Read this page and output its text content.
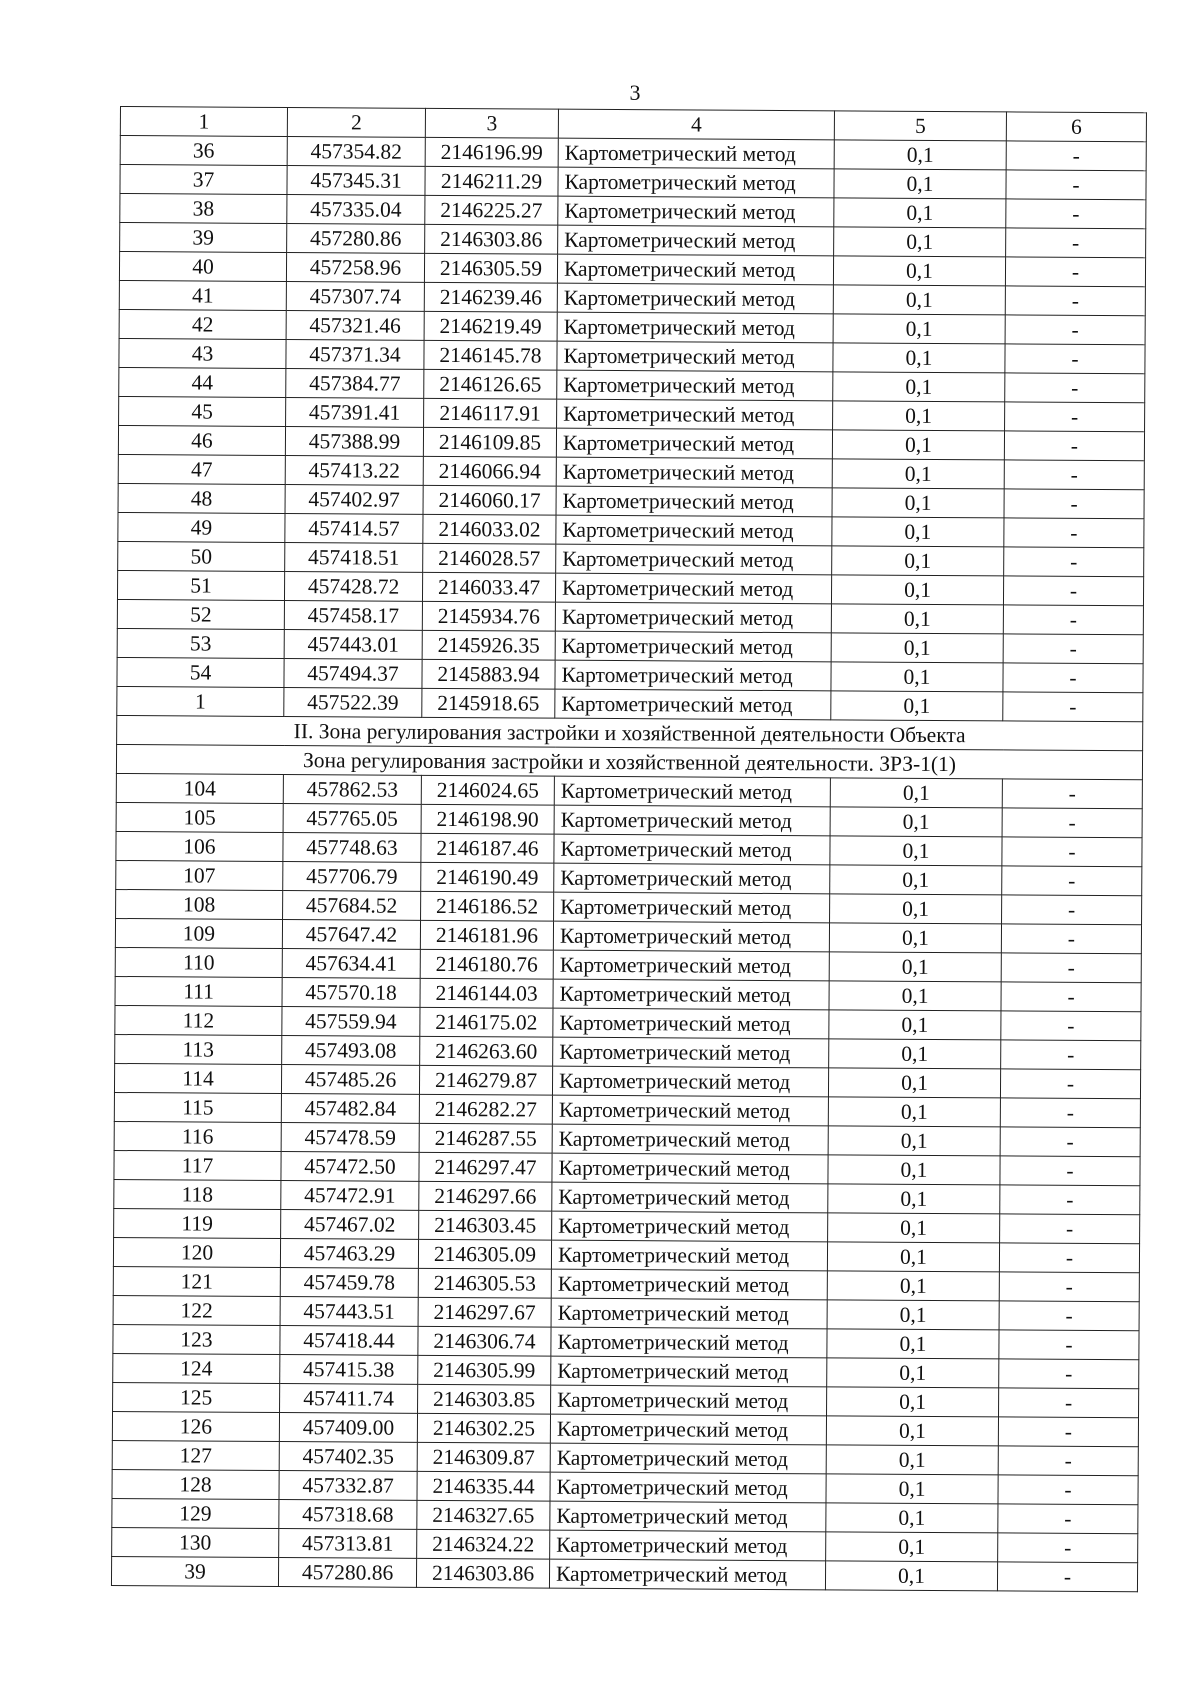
3
1	2	3	4	5	6
36	457354.82	2146196.99	Картометрический метод	0,1	-
37	457345.31	2146211.29	Картометрический метод	0,1	-
38	457335.04	2146225.27	Картометрический метод	0,1	-
39	457280.86	2146303.86	Картометрический метод	0,1	-
40	457258.96	2146305.59	Картометрический метод	0,1	-
41	457307.74	2146239.46	Картометрический метод	0,1	-
42	457321.46	2146219.49	Картометрический метод	0,1	-
43	457371.34	2146145.78	Картометрический метод	0,1	-
44	457384.77	2146126.65	Картометрический метод	0,1	-
45	457391.41	2146117.91	Картометрический метод	0,1	-
46	457388.99	2146109.85	Картометрический метод	0,1	-
47	457413.22	2146066.94	Картометрический метод	0,1	-
48	457402.97	2146060.17	Картометрический метод	0,1	-
49	457414.57	2146033.02	Картометрический метод	0,1	-
50	457418.51	2146028.57	Картометрический метод	0,1	-
51	457428.72	2146033.47	Картометрический метод	0,1	-
52	457458.17	2145934.76	Картометрический метод	0,1	-
53	457443.01	2145926.35	Картометрический метод	0,1	-
54	457494.37	2145883.94	Картометрический метод	0,1	-
1	457522.39	2145918.65	Картометрический метод	0,1	-
II. Зона регулирования застройки и хозяйственной деятельности Объекта					
Зона регулирования застройки и хозяйственной деятельности. ЗРЗ-1(1)					
104	457862.53	2146024.65	Картометрический метод	0,1	-
105	457765.05	2146198.90	Картометрический метод	0,1	-
106	457748.63	2146187.46	Картометрический метод	0,1	-
107	457706.79	2146190.49	Картометрический метод	0,1	-
108	457684.52	2146186.52	Картометрический метод	0,1	-
109	457647.42	2146181.96	Картометрический метод	0,1	-
110	457634.41	2146180.76	Картометрический метод	0,1	-
111	457570.18	2146144.03	Картометрический метод	0,1	-
112	457559.94	2146175.02	Картометрический метод	0,1	-
113	457493.08	2146263.60	Картометрический метод	0,1	-
114	457485.26	2146279.87	Картометрический метод	0,1	-
115	457482.84	2146282.27	Картометрический метод	0,1	-
116	457478.59	2146287.55	Картометрический метод	0,1	-
117	457472.50	2146297.47	Картометрический метод	0,1	-
118	457472.91	2146297.66	Картометрический метод	0,1	-
119	457467.02	2146303.45	Картометрический метод	0,1	-
120	457463.29	2146305.09	Картометрический метод	0,1	-
121	457459.78	2146305.53	Картометрический метод	0,1	-
122	457443.51	2146297.67	Картометрический метод	0,1	-
123	457418.44	2146306.74	Картометрический метод	0,1	-
124	457415.38	2146305.99	Картометрический метод	0,1	-
125	457411.74	2146303.85	Картометрический метод	0,1	-
126	457409.00	2146302.25	Картометрический метод	0,1	-
127	457402.35	2146309.87	Картометрический метод	0,1	-
128	457332.87	2146335.44	Картометрический метод	0,1	-
129	457318.68	2146327.65	Картометрический метод	0,1	-
130	457313.81	2146324.22	Картометрический метод	0,1	-
39	457280.86	2146303.86	Картометрический метод	0,1	-
